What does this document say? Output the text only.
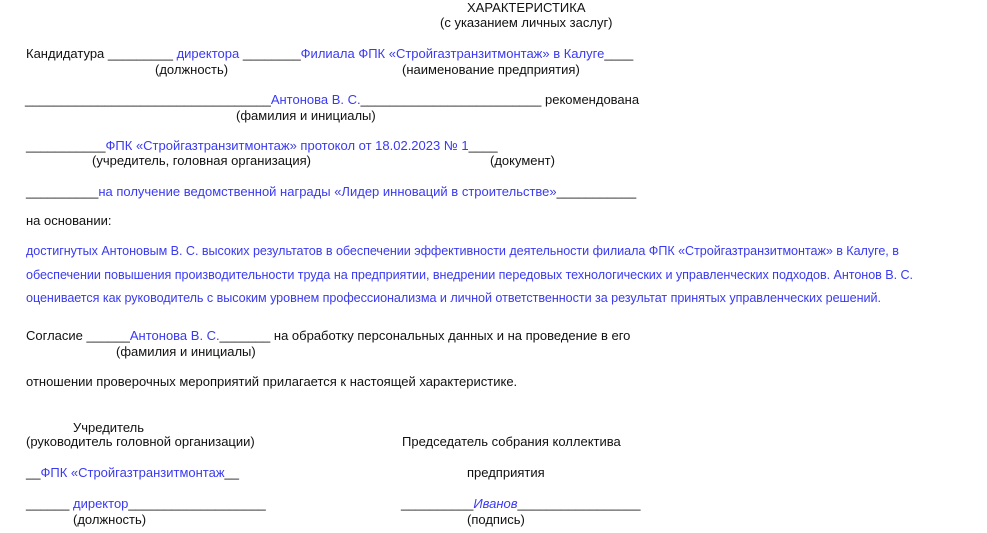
ХАРАКТЕРИСТИКА
(с указанием личных заслуг)
Кандидатура _________ директора ________Филиала ФПК «Стройгазтранзитмонтаж» в Калуге____
(должность)	(наименование предприятия)
__________________________________Антонова В. С._________________________ рекомендована
(фамилия и инициалы)
___________ФПК «Стройгазтранзитмонтаж» протокол от 18.02.2023 № 1____
(учредитель, головная организация)	(документ)
__________на получение ведомственной награды «Лидер инноваций в строительстве»___________
на основании:
достигнутых Антоновым В. С. высоких результатов в обеспечении эффективности деятельности филиала ФПК «Стройгазтранзитмонтаж» в Калуге, в
обеспечении повышения производительности труда на предприятии, внедрении передовых технологических и управленческих подходов. Антонов В. С.
оценивается как руководитель с высоким уровнем профессионализма и личной ответственности за результат принятых управленческих решений.
Согласие ______Антонова В. С._______ на обработку персональных данных и на проведение в его
(фамилия и инициалы)
отношении проверочных мероприятий прилагается к настоящей характеристике.
Учредитель
(руководитель головной организации)	Председатель собрания коллектива
__ФПК «Стройгазтранзитмонтаж__	предприятия
______ директор___________________	__________Иванов_________________
(должность)	(подпись)
